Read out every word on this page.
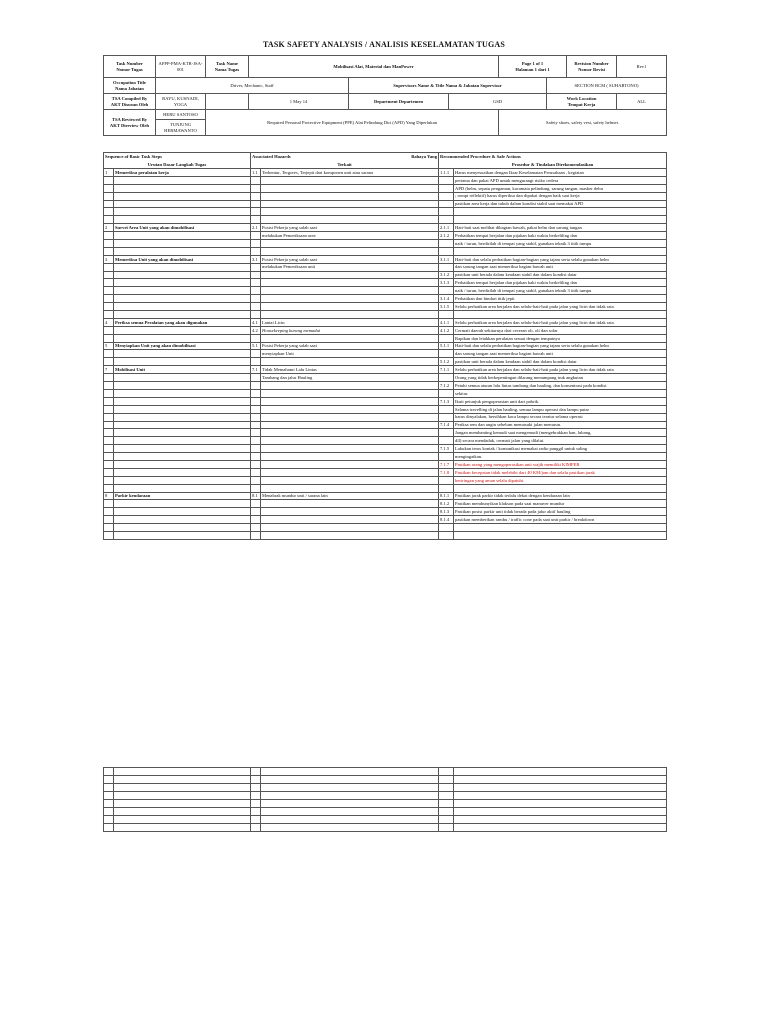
TASK SAFETY ANALYSIS / ANALISIS KESELAMATAN TUGAS
Task Number
Nomor Tugas	AFPP-PMA-KTR-JSA-001	Task Name
Nama Tugas	Mobilisasi Alat, Material dan ManPower			Page 1 of 1
Halaman 1 dari 1		Revision Number
Nomor Revisi	Rev1
Occupation Title
Nama Jabatan	Driver, Mechanic, Staff			Supervisors Name & Title Nama & Jabatan Supervisor			SECTION BCM ( SUHARTONO)		
TSA Compiled By
AKT Disusun Oleh	BAYU, KUSNADI, YOGA		1 May 14	Department Departemen	GSD		Work Location
Tempat Kerja		ALL
TSA Reviewed By
AKT Direview Oleh	HERU SANTOSO	Required Personal Protective Equipment (PPE) Alat Pelindung Diri (APD) Yang Diperlukan				Safety shoes, safety vest, safety helmet.			
	TUNJUNG HERMAWANTO								
Sequence of Basic Task Steps		Associated Hazards Bahaya Yang		Recommended Procedure & Safe Actions	
Urutan Dasar Langkah Tugas		Terkait		Prosedur & Tindakan Direkomendasikan	
1	Memeriksa peralatan kerja	1.1	Terbentur, Tergores, Terjepit dari komponen unit atau sarana	1.1.1	Harus menyesuaikan dengan Ikrar Keselamatan Perusahaan , kegiatan
					pertama dan pakai APD untuk mengurangi risiko cedera
					APD (helm, sepatu pengaman, kacamata pelindung, sarung tangan, masker debu
					; rompi reflektif) harus diperiksa dan dipakai dengan baik saat kerja
					pastikan area kerja dan tubuh dalam kondisi stabil saat memakai APD

2	Survei Area Unit yang akan dimobilisasi	2.1	Posisi Pekerja yang salah saat	2.1.1	Hati-hati saat melihat dibagian bawah, pakai helm dan sarung tangan
			melakukan Pemeriksaan area	2.1.2	Perhatikan tempat berjalan dan pijakan kaki waktu berkeliling dan
					naik / turun, berdirilah di tempat yang stabil, gunakan teknik 3 titik tumpu

3	Memeriksa Unit yang akan dimobilisasi	3.1	Posisi Pekerja yang salah saat	3.1.1	Hati-hati dan selalu perhatikan bagian-bagian yang tajam serta selalu gunakan helm
			melakukan Pemeriksaan unit		dan sarung tangan saat memeriksa bagian bawah unit
				3.1.2	pastikan unit berada dalam keadaan stabil dan dalam kondisi datar
				3.1.3	Perhatikan tempat berjalan dan pijakan kaki waktu berkeliling dan
					naik / turun, berdirilah di tempat yang stabil, gunakan teknik 3 titik tumpu
				3.1.4	Perhatikan dan hindari titik jepit
				3.1.5	Selalu perhatikan area berjalan dan selalu-hati-hati pada jalan yang licin dan tidak rata

4	Periksa semua Peralatan yang akan digunakan	4.1	Lantai Licin	4.1.1	Selalu perhatikan area berjalan dan selalu-hati-hati pada jalan yang licin dan tidak rata
		4.2	Housekeeping kurang memadai	4.1.2	Cermati daerah sekitarnya dari ceceran oli, oli dan solar
					Rapikan dan letakkan peralatan sesuai dengan tempatnya
5	Menyiapkan Unit yang akan dimobilisasi	5.1	Posisi Pekerja yang salah saat	5.1.1	Hati-hati dan selalu perhatikan bagian-bagian yang tajam serta selalu gunakan helm
			menyiapkan Unit		dan sarung tangan saat memeriksa bagian bawah unit
				5.1.2	pastikan unit berada dalam keadaan stabil dan dalam kondisi datar
7	Mobilisasi Unit	7.1	Tidak Memahami Lalu Lintas	7.1.1	Selalu perhatikan area berjalan dan selalu-hati-hati pada jalan yang licin dan tidak rata
			Tambang dan jalur Hauling		Orang yang tidak berkepentingan dilarang menumpang truk angkutan
				7.1.2	Petuhi semua aturan lalu lintas tambang dan hauling, dan konsentrasi pada kondisi
					sekitar.
				7.1.3	Ikuti petunjuk pengoperasian unit dari pabrik.
					Selama travelling di jalan hauling, semua lampu operasi dan lampu putar
					harus dinyalakan, bersihkan kaca lampu secara teratur selama operasi
				7.1.4	Periksa rem dan angin sebelum memasuki jalan menurun.
					Jangan membanting kemudi saat mengemudi (mengebrakkan ban, lubang,
					dll) secara mendadak, cermati jalan yang dilalui.
				7.1.5	Lakukan terus kontak / komunikasi memakai radio panggil untuk saling
					mengingatkan.
				7.1.7	Pastikan orang yang mengoperasikan unit wajib memiliki KIMPER
				7.1.8	Pastikan kecepatan tidak melebihi dari 40 KM/jam dan selalu pastikan jarak
					beriringan yang aman selalu dipatuhi.

8	Parkir kendaraan	8.1	Menabrak mundur unit / sarana lain	8.1.1	Pastikan jarak parkir tidak terlalu dekat dengan kendaraan lain
				8.1.2	Pastikan membunyikan klakson pada saat manuver mundur
				8.1.3	Pastikan posisi parkir unit tidak berada pada jalur aktif hauling
				8.1.4	pastikan memberikan rambu / traffic cone pada saat unit parkir / breakdown
